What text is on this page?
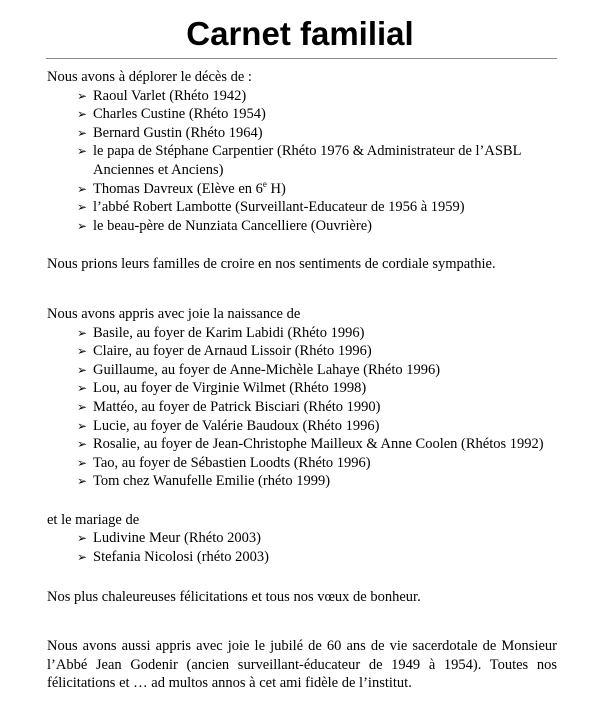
Carnet familial

Nous avons à déplorer le décès de :

➢ Raoul Varlet (Rhéto 1942)
➢ Charles Custine (Rhéto 1954)
➢ Bernard Gustin (Rhéto 1964)
➢ le papa de Stéphane Carpentier (Rhéto 1976 & Administrateur de l’ASBL Anciennes et Anciens)
➢ Thomas Davreux (Elève en 6e H)
➢ l’abbé Robert Lambotte (Surveillant-Educateur de 1956 à 1959)
➢ le beau-père de Nunziata Cancelliere (Ouvrière)

Nous prions leurs familles de croire en nos sentiments de cordiale sympathie.

Nous avons appris avec joie la naissance de

➢ Basile, au foyer de Karim Labidi (Rhéto 1996)
➢ Claire, au foyer de Arnaud Lissoir (Rhéto 1996)
➢ Guillaume, au foyer de Anne-Michèle Lahaye (Rhéto 1996)
➢ Lou, au foyer de Virginie Wilmet (Rhéto 1998)
➢ Mattéo, au foyer de Patrick Bisciari (Rhéto 1990)
➢ Lucie, au foyer de Valérie Baudoux (Rhéto 1996)
➢ Rosalie, au foyer de Jean-Christophe Mailleux & Anne Coolen (Rhétos 1992)
➢ Tao, au foyer de Sébastien Loodts (Rhéto 1996)
➢ Tom chez Wanufelle Emilie (rhéto 1999)

et le mariage de

➢ Ludivine Meur (Rhéto 2003)
➢ Stefania Nicolosi (rhéto 2003)

Nos plus chaleureuses félicitations et tous nos vœux de bonheur.

Nous avons aussi appris avec joie le jubilé de 60 ans de vie sacerdotale de Monsieur l’Abbé Jean Godenir (ancien surveillant-éducateur de 1949 à 1954). Toutes nos félicitations et … ad multos annos à cet ami fidèle de l’institut.
